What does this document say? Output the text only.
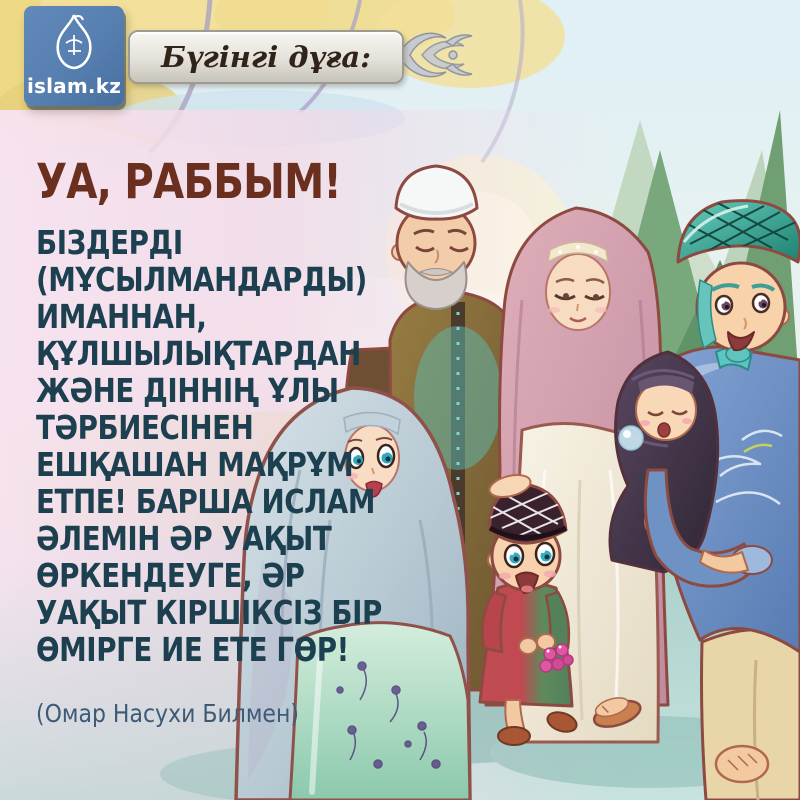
islam.kz
Бүгінгі дұға:
УА, РАББЫМ!
БІЗДЕРДІ
(МҰСЫЛМАНДАРДЫ)
ИМАННАН,
ҚҰЛШЫЛЫҚТАРДАН
ЖӘНЕ ДІННІҢ ҰЛЫ
ТӘРБИЕСІНЕН
ЕШҚАШАН МАҚРҰМ
ЕТПЕ! БАРША ИСЛАМ
ӘЛЕМІН ӘР УАҚЫТ
ӨРКЕНДЕУГЕ, ӘР
УАҚЫТ КІРШІКСІЗ БІР
ӨМІРГЕ ИЕ ЕТЕ ГӨР!
(Омар Насухи Билмен)
